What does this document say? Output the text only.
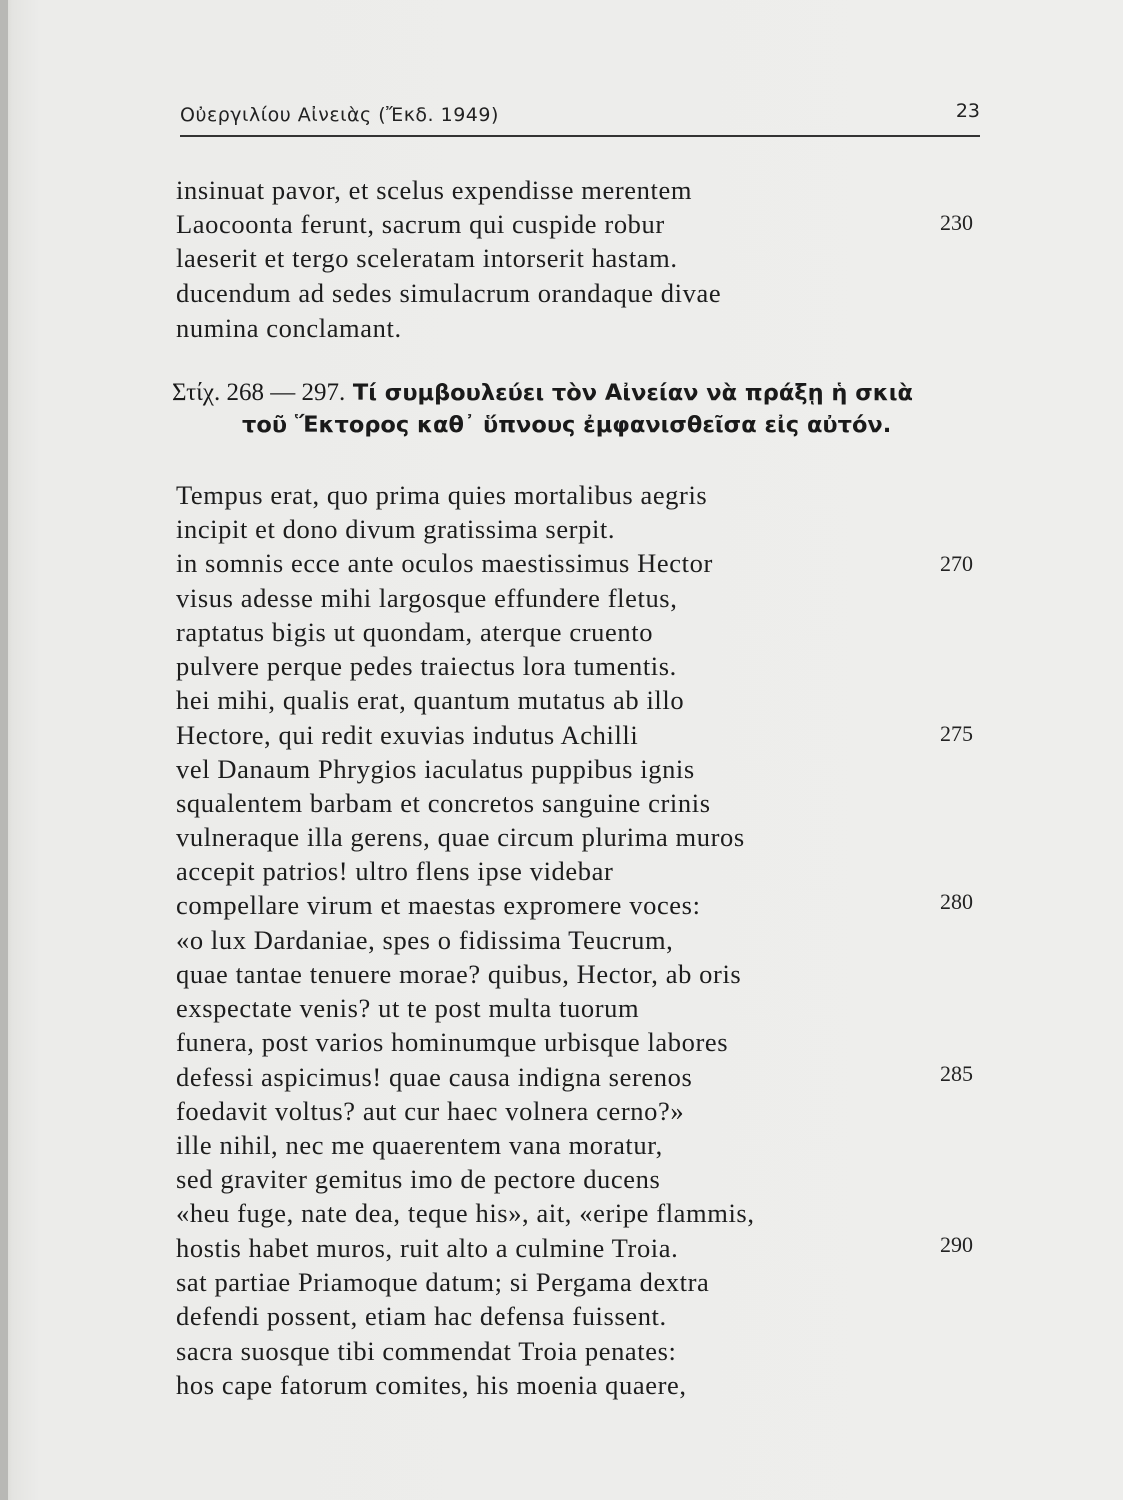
Οὐεργιλίου Αἰνειὰς (Ἔκδ. 1949)	23
insinuat pavor, et scelus expendisse merentem
Laocoonta ferunt, sacrum qui cuspide robur	230
laeserit et tergo sceleratam intorserit hastam.
ducendum ad sedes simulacrum orandaque divae
numina conclamant.
Στίχ. 268 — 297. Τί συμβουλεύει τὸν Αἰνείαν νὰ πράξῃ ἡ σκιὰ
τοῦ Ἕκτορος καθ᾽ ὕπνους ἐμφανισθεῖσα εἰς αὐτόν.
Tempus erat, quo prima quies mortalibus aegris
incipit et dono divum gratissima serpit.
in somnis ecce ante oculos maestissimus Hector	270
visus adesse mihi largosque effundere fletus,
raptatus bigis ut quondam, aterque cruento
pulvere perque pedes traiectus lora tumentis.
hei mihi, qualis erat, quantum mutatus ab illo
Hectore, qui redit exuvias indutus Achilli	275
vel Danaum Phrygios iaculatus puppibus ignis
squalentem barbam et concretos sanguine crinis
vulneraque illa gerens, quae circum plurima muros
accepit patrios! ultro flens ipse videbar
compellare virum et maestas expromere voces:	280
«o lux Dardaniae, spes o fidissima Teucrum,
quae tantae tenuere morae? quibus, Hector, ab oris
exspectate venis? ut te post multa tuorum
funera, post varios hominumque urbisque labores
defessi aspicimus! quae causa indigna serenos	285
foedavit voltus? aut cur haec volnera cerno?»
ille nihil, nec me quaerentem vana moratur,
sed graviter gemitus imo de pectore ducens
«heu fuge, nate dea, teque his», ait, «eripe flammis,
hostis habet muros, ruit alto a culmine Troia.	290
sat partiae Priamoque datum; si Pergama dextra
defendi possent, etiam hac defensa fuissent.
sacra suosque tibi commendat Troia penates:
hos cape fatorum comites, his moenia quaere,
